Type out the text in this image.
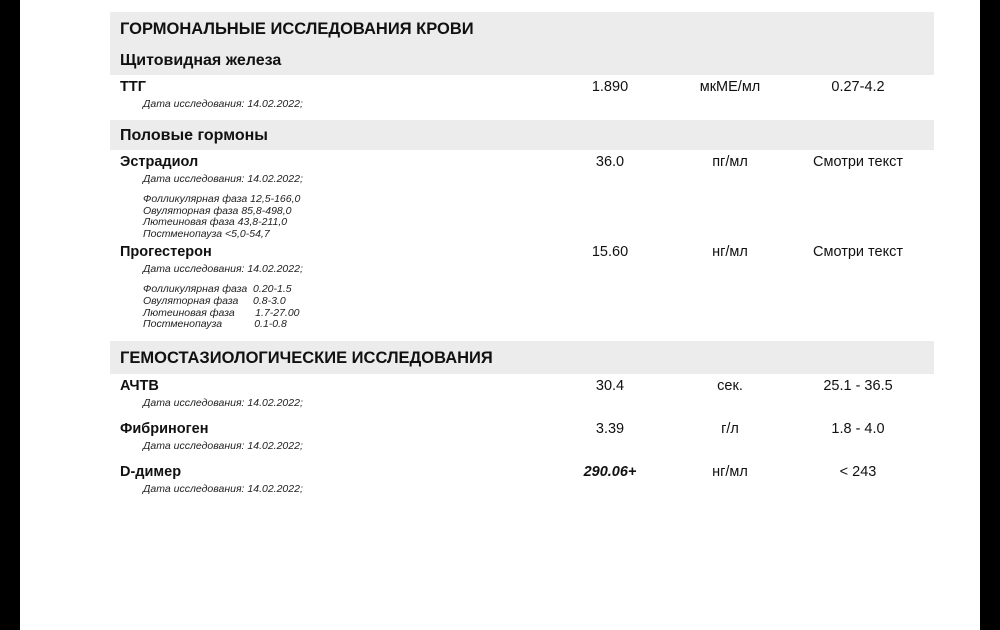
ГОРМОНАЛЬНЫЕ ИССЛЕДОВАНИЯ КРОВИ
Щитовидная железа
ТТГ	1.890	мкМЕ/мл	0.27-4.2
Дата исследования: 14.02.2022;
Половые гормоны
Эстрадиол	36.0	пг/мл	Смотри текст
Дата исследования: 14.02.2022;
Фолликулярная фаза 12,5-166,0
Овуляторная фаза 85,8-498,0
Лютеиновая фаза 43,8-211,0
Постменопауза <5,0-54,7
Прогестерон	15.60	нг/мл	Смотри текст
Дата исследования: 14.02.2022;
Фолликулярная фаза  0.20-1.5
Овуляторная фаза     0.8-3.0
Лютеиновая фаза       1.7-27.00
Постменопауза           0.1-0.8
ГЕМОСТАЗИОЛОГИЧЕСКИЕ ИССЛЕДОВАНИЯ
АЧТВ	30.4	сек.	25.1 - 36.5
Дата исследования: 14.02.2022;
Фибриноген	3.39	г/л	1.8 - 4.0
Дата исследования: 14.02.2022;
D-димер	290.06+	нг/мл	< 243
Дата исследования: 14.02.2022;
